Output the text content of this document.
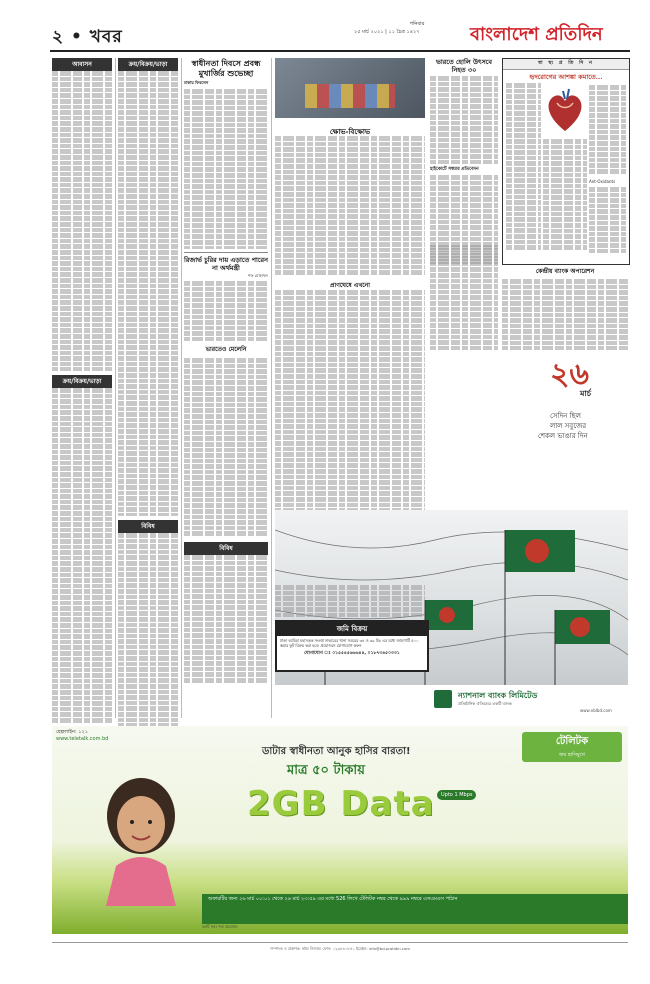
২ • খবর	২৫ মার্চ ২০২১ | ১১ চৈত্র ১৪২৭
শনিবার	বাংলাদেশ প্রতিদিন
আবাসন
ক্রয়/বিক্রয়/ভাড়া
ক্রয়/বিক্রয়/ভাড়া
বিবিধ
স্বাধীনতা দিবসে প্রবন্ধ মুখার্জির শুভেচ্ছা
ঢাকায় ফিরলেন
রিজার্ভ চুরির দায় এড়াতে পারেন না অর্থমন্ত্রী
শফ মোহাম্মদ
ভারতেও মেলেনি
বিবিধ
ক্ষোভ-বিক্ষোভ
ভারতে হোলি উৎসবে নিহত ৩০
হাইকোর্টে সন্ধ্যার প্রতিবেদন
স্বা স্থ্য প্র তি দি ন
হৃদরোগের আশঙ্কা কমাতে...
Ant-Oxidants
কেন্দ্রীয় ব্যাংক অপারেশন
প্রাণঘেষে এখনো
২৬
মার্চ
সেদিন ছিল
লাল সবুজের
শেকল ভাঙার দিন
ন্যাশনাল ব্যাংক লিমিটেড
প্রতিষ্ঠানিক ঐতিহ্যের একটি ব্যাংক
www.nblbd.com
জমি বিক্রয়
ঢাকা আরিচা মহাসড়ক সংলগ্ন সাভারের থানা সদ্ররের ৩৪ ও ৩৯ মিঃ এর মধ্যে জায়গাটি ৫০০ স্কয়ার ফুট বিক্রয় করা হবে। প্রয়োজনে যোগাযোগ করুন
যোগাযোগ ঃ ০১৫৫৪৫৬৬৬৪৪, ০১৮৭৩৪৫০৩৩১
হেল্পলাইন: ১২১
www.teletalk.com.bd	টেলিটক
জয় হাসিমুখে
ডাটার স্বাধীনতা আনুক হাসির বারতা!
মাত্র ৫০ টাকায়
2GB Data	Upto 1 Mbps
অফারটির জন্য ২৬ মার্চ ০০:০১ থেকে ২৬ মার্চ ২৩:৫৯ এর মধ্যে 526 লিখে টেলিটক নম্বর থেকে ৯৯৯ নম্বরে এসএমএস পাঠান
ভ্যাট সহ। শর্ত প্রযোজ্য
সম্পাদক ও প্রকাশক: নঈম নিজাম। ফোন: ০২৯৮৪০৮৪১ ইমেইল: info@bd-pratidin.com
